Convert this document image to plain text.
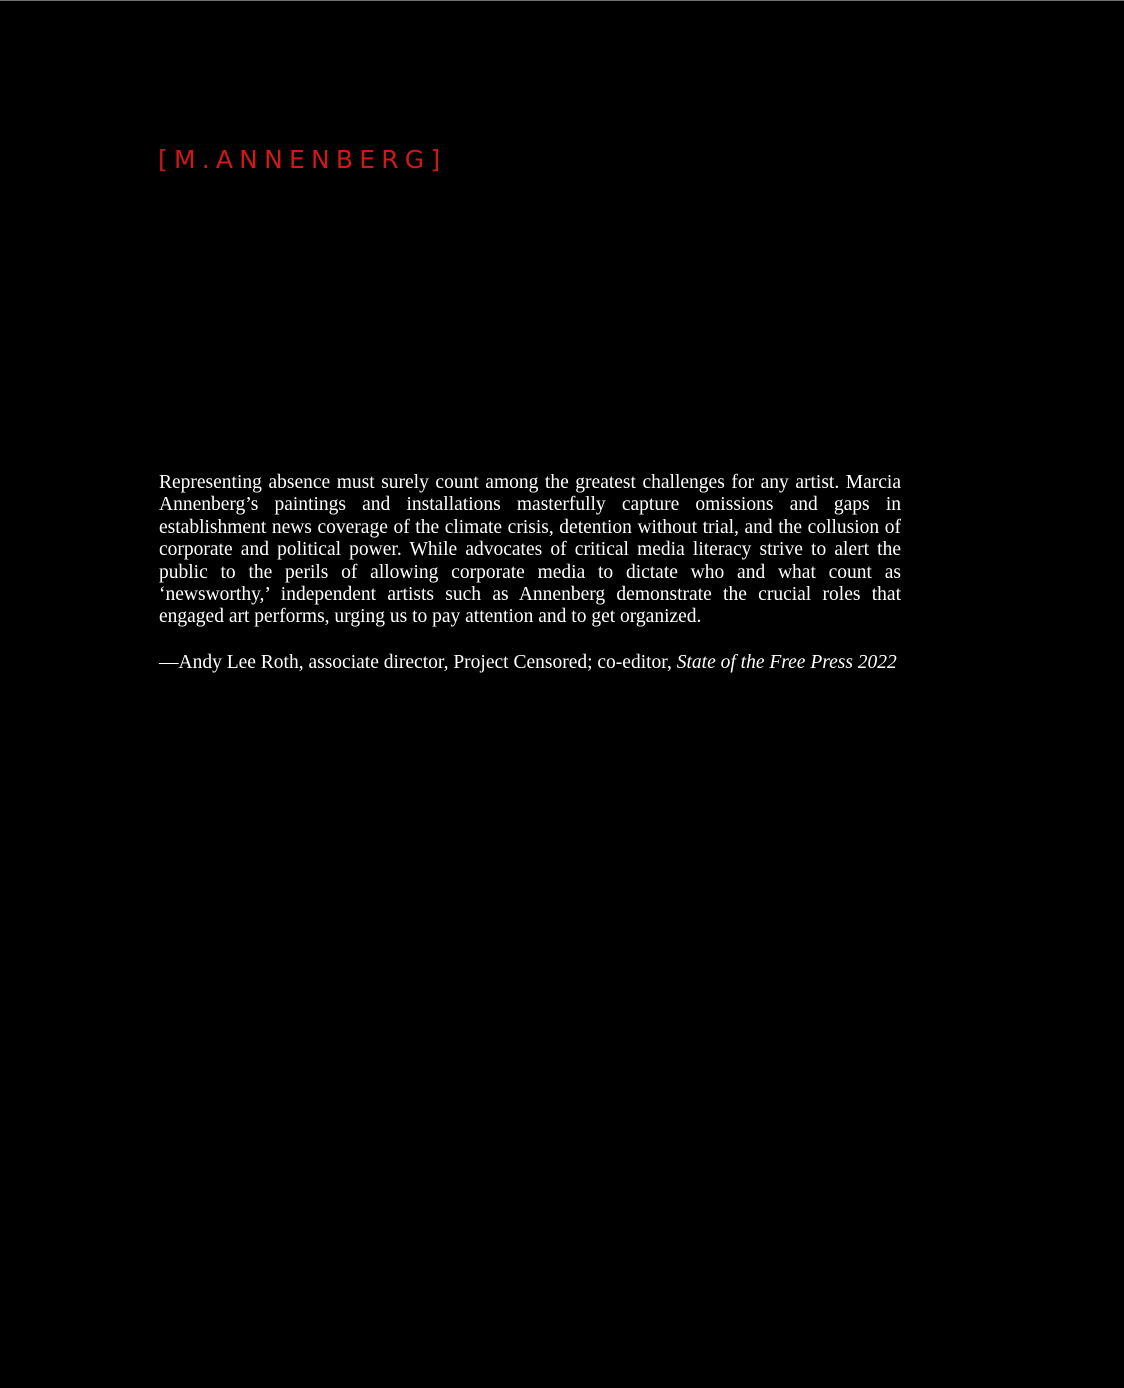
[M.ANNENBERG]

Representing absence must surely count among the greatest challenges for any artist. Marcia Annenberg’s paintings and installations masterfully capture omissions and gaps in establishment news coverage of the climate crisis, detention without trial, and the collusion of corporate and political power. While advocates of critical media literacy strive to alert the public to the perils of allowing corporate media to dictate who and what count as ‘newsworthy,’ independent artists such as Annenberg demonstrate the crucial roles that engaged art performs, urging us to pay attention and to get organized.

—Andy Lee Roth, associate director, Project Censored; co-editor, State of the Free Press 2022
